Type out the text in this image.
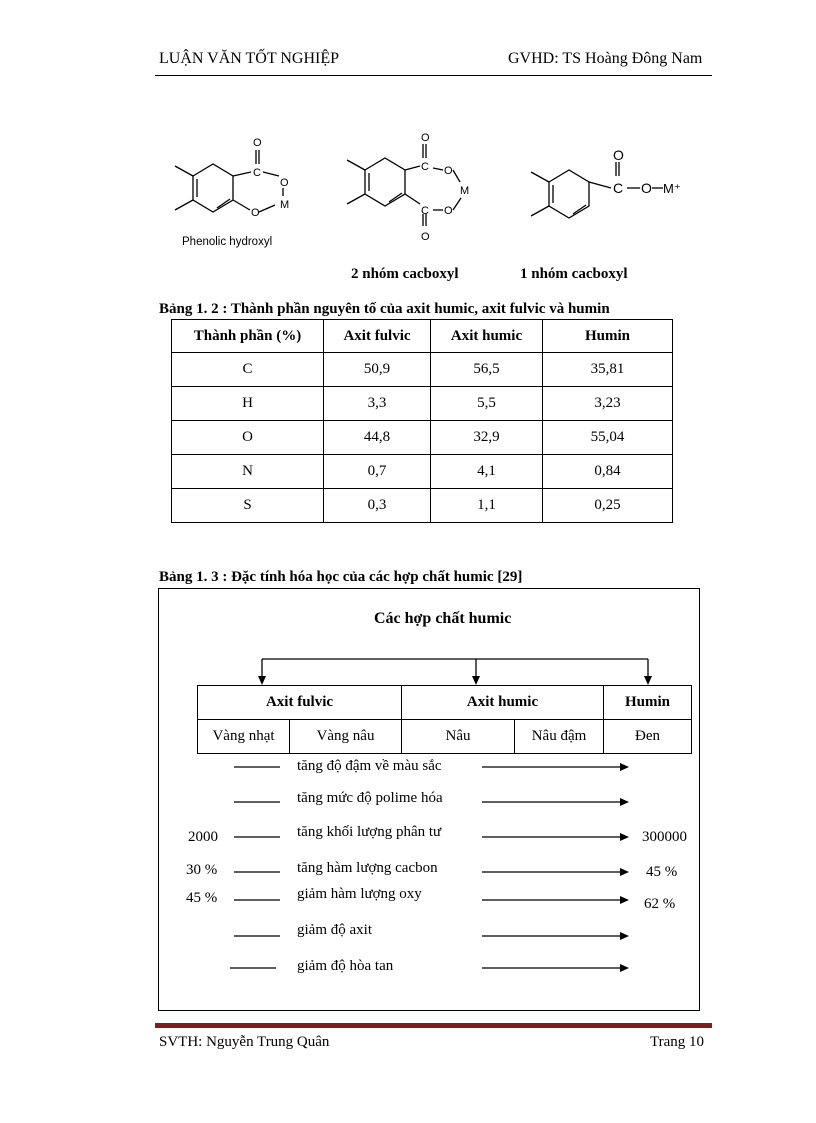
LUẬN VĂN TỐT NGHIỆP	GVHD: TS Hoàng Đông Nam
O
C
O
M
O
Phenolic hydroxyl
O
C O
M
C O
O
O
C O M⁺
2 nhóm cacboxyl	1 nhóm cacboxyl
Bảng 1. 2 : Thành phần nguyên tố của axit humic, axit fulvic và humin
Thành phần (%)	Axit fulvic	Axit humic	Humin
C	50,9	56,5	35,81
H	3,3	5,5	3,23
O	44,8	32,9	55,04
N	0,7	4,1	0,84
S	0,3	1,1	0,25
Bảng 1. 3 : Đặc tính hóa học của các hợp chất humic [29]
Các hợp chất humic
Axit fulvic		Axit humic		Humin
Vàng nhạt	Vàng nâu	Nâu	Nâu đậm	Đen
tăng độ đậm về màu sắc
tăng mức độ polime hóa
tăng khối lượng phân tư
tăng hàm lượng cacbon
giảm hàm lượng oxy
giảm độ axit
giảm độ hòa tan
2000	300000
30 %	45 %
45 %	62 %
SVTH: Nguyễn Trung Quân	Trang 10
